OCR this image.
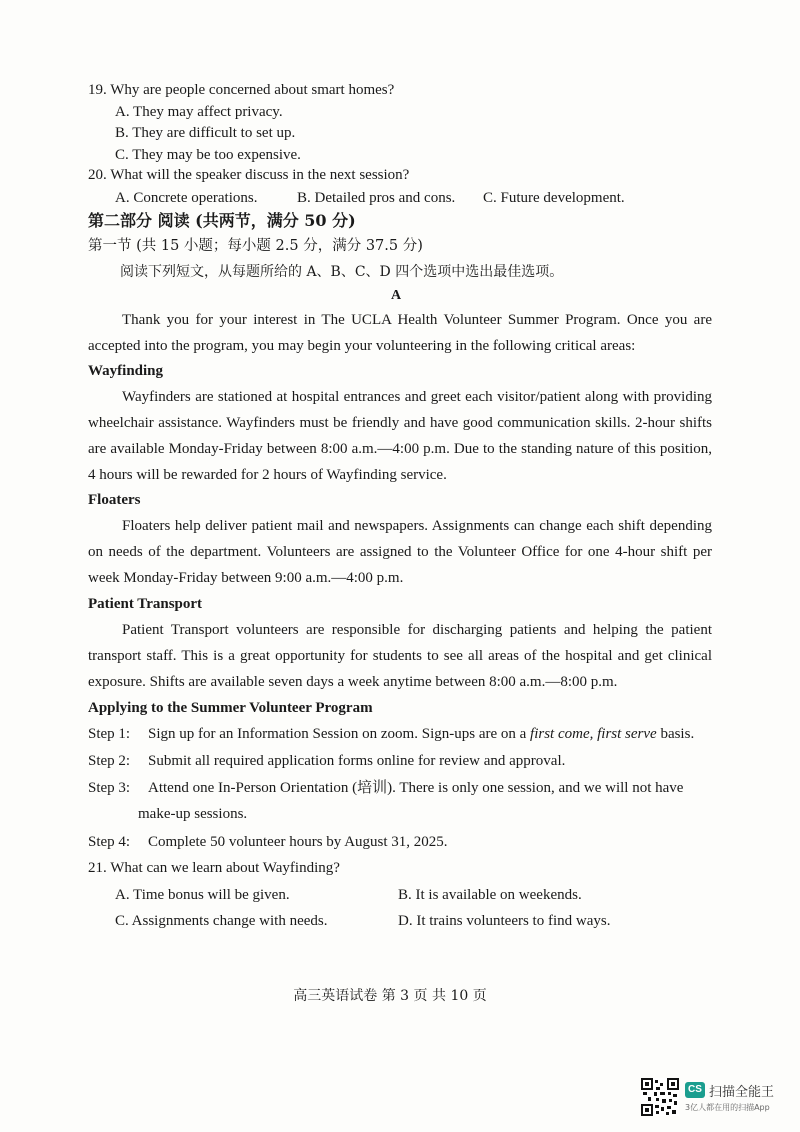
19. Why are people concerned about smart homes?
A. They may affect privacy.
B. They are difficult to set up.
C. They may be too expensive.
20. What will the speaker discuss in the next session?
A. Concrete operations.	B. Detailed pros and cons. C. Future development.
第二部分 阅读 (共两节，满分 50 分)
第一节 (共 15 小题；每小题 2.5 分，满分 37.5 分)
阅读下列短文，从每题所给的 A、B、C、D 四个选项中选出最佳选项。
A
Thank you for your interest in The UCLA Health Volunteer Summer Program. Once you are accepted into the program, you may begin your volunteering in the following critical areas:
Wayfinding
Wayfinders are stationed at hospital entrances and greet each visitor/patient along with providing wheelchair assistance. Wayfinders must be friendly and have good communication skills. 2-hour shifts are available Monday-Friday between 8:00 a.m.—4:00 p.m. Due to the standing nature of this position, 4 hours will be rewarded for 2 hours of Wayfinding service.
Floaters
Floaters help deliver patient mail and newspapers. Assignments can change each shift depending on needs of the department. Volunteers are assigned to the Volunteer Office for one 4-hour shift per week Monday-Friday between 9:00 a.m.—4:00 p.m.
Patient Transport
Patient Transport volunteers are responsible for discharging patients and helping the patient transport staff. This is a great opportunity for students to see all areas of the hospital and get clinical exposure. Shifts are available seven days a week anytime between 8:00 a.m.—8:00 p.m.
Applying to the Summer Volunteer Program
Step 1: Sign up for an Information Session on zoom. Sign-ups are on a first come, first serve basis.
Step 2: Submit all required application forms online for review and approval.
Step 3: Attend one In-Person Orientation (培训). There is only one session, and we will not have
make-up sessions.
Step 4: Complete 50 volunteer hours by August 31, 2025.
21. What can we learn about Wayfinding?
A. Time bonus will be given.	B. It is available on weekends.
C. Assignments change with needs.	D. It trains volunteers to find ways.
高三英语试卷 第 3 页 共 10 页
CS 扫描全能王
3亿人都在用的扫描App
